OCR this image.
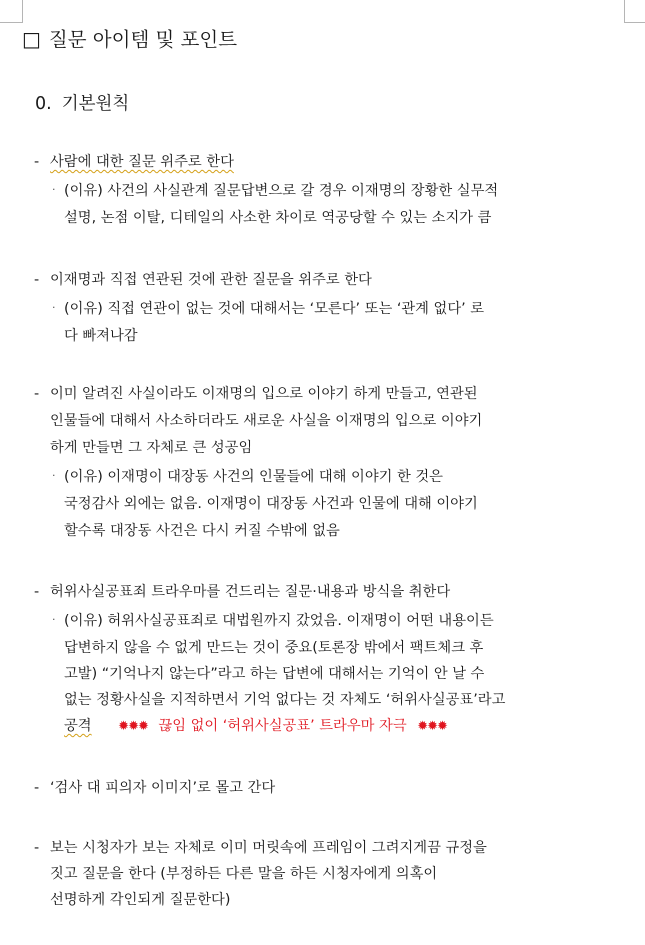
□ 질문 아이템 및 포인트
0. 기본원칙
- 사람에 대한 질문 위주로 한다
· (이유) 사건의 사실관계 질문답변으로 갈 경우 이재명의 장황한 실무적
설명, 논점 이탈, 디테일의 사소한 차이로 역공당할 수 있는 소지가 큼
- 이재명과 직접 연관된 것에 관한 질문을 위주로 한다
· (이유) 직접 연관이 없는 것에 대해서는 ‘모른다’ 또는 ‘관계 없다’ 로
다 빠져나감
- 이미 알려진 사실이라도 이재명의 입으로 이야기 하게 만들고, 연관된
인물들에 대해서 사소하더라도 새로운 사실을 이재명의 입으로 이야기
하게 만들면 그 자체로 큰 성공임
· (이유) 이재명이 대장동 사건의 인물들에 대해 이야기 한 것은
국정감사 외에는 없음. 이재명이 대장동 사건과 인물에 대해 이야기
할수록 대장동 사건은 다시 커질 수밖에 없음
- 허위사실공표죄 트라우마를 건드리는 질문·내용과 방식을 취한다
· (이유) 허위사실공표죄로 대법원까지 갔었음. 이재명이 어떤 내용이든
답변하지 않을 수 없게 만드는 것이 중요(토론장 밖에서 팩트체크 후
고발) “기억나지 않는다”라고 하는 답변에 대해서는 기억이 안 날 수
없는 정황사실을 지적하면서 기억 없다는 것 자체도 ‘허위사실공표’라고
공격 ✹✹✹ 끊임 없이 ‘허위사실공표’ 트라우마 자극 ✹✹✹
- ‘검사 대 피의자 이미지’로 몰고 간다
- 보는 시청자가 보는 자체로 이미 머릿속에 프레임이 그려지게끔 규정을
짓고 질문을 한다 (부정하든 다른 말을 하든 시청자에게 의혹이
선명하게 각인되게 질문한다)
